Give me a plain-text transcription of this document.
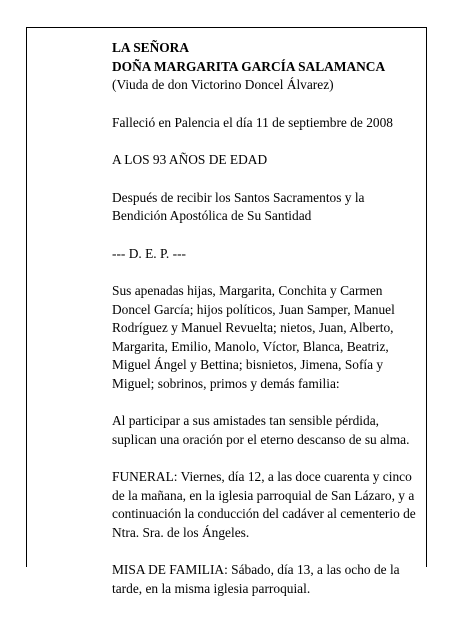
LA SEÑORA

DOÑA MARGARITA GARCÍA SALAMANCA

(Viuda de don Victorino Doncel Álvarez)

Falleció en Palencia el día 11 de septiembre de 2008

A LOS 93 AÑOS DE EDAD

Después de recibir los Santos Sacramentos y la Bendición Apostólica de Su Santidad

--- D. E. P. ---

Sus apenadas hijas, Margarita, Conchita y Carmen Doncel García; hijos políticos, Juan Samper, Manuel Rodríguez y Manuel Revuelta; nietos, Juan, Alberto, Margarita, Emilio, Manolo, Víctor, Blanca, Beatriz, Miguel Ángel y Bettina; bisnietos, Jimena, Sofía y Miguel; sobrinos, primos y demás familia:

Al participar a sus amistades tan sensible pérdida, suplican una oración por el eterno descanso de su alma.

FUNERAL: Viernes, día 12, a las doce cuarenta y cinco de la mañana, en la iglesia parroquial de San Lázaro, y a continuación la conducción del cadáver al cementerio de Ntra. Sra. de los Ángeles.

MISA DE FAMILIA: Sábado, día 13, a las ocho de la tarde, en la misma iglesia parroquial.
